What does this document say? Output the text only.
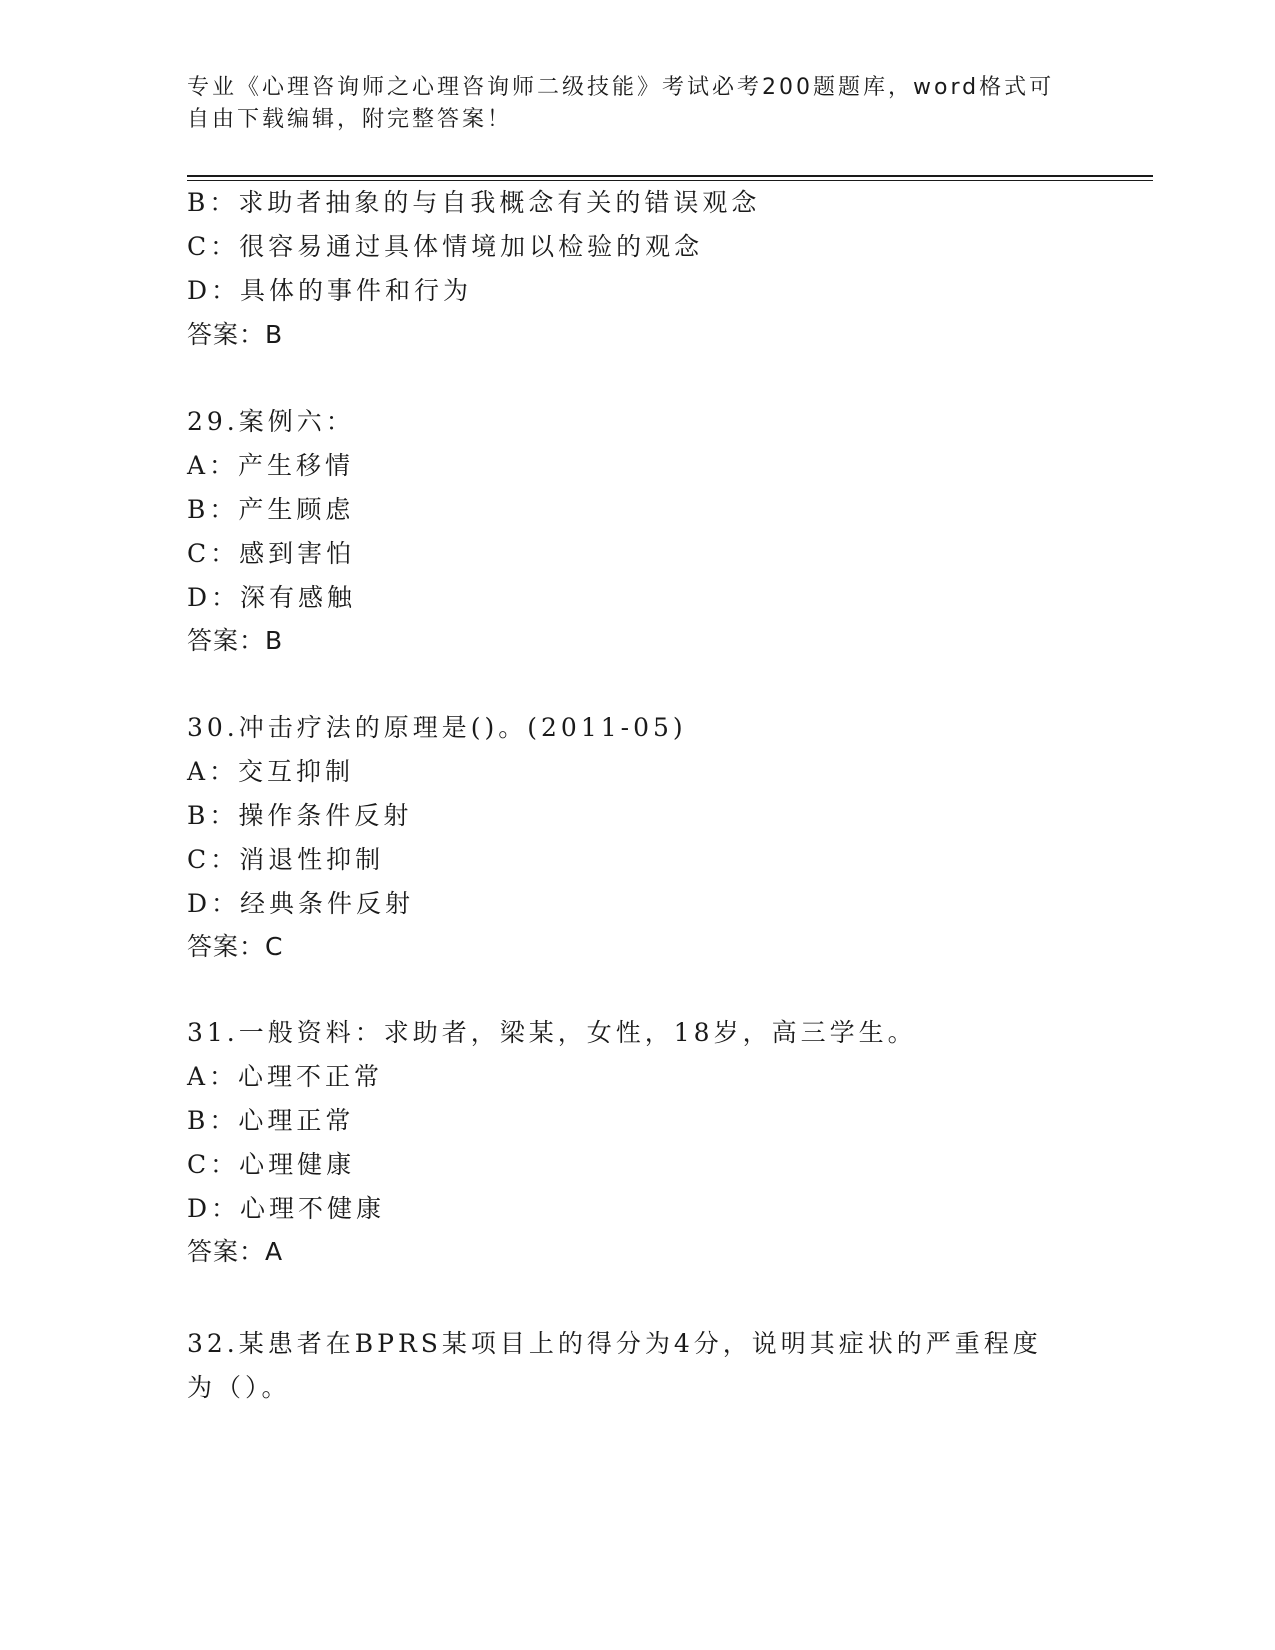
专业《心理咨询师之心理咨询师二级技能》考试必考200题题库，word格式可自由下载编辑，附完整答案！
B：求助者抽象的与自我概念有关的错误观念
C：很容易通过具体情境加以检验的观念
D：具体的事件和行为
答案：B
29.案例六：
A：产生移情
B：产生顾虑
C：感到害怕
D：深有感触
答案：B
30.冲击疗法的原理是()。(2011-05)
A：交互抑制
B：操作条件反射
C：消退性抑制
D：经典条件反射
答案：C
31.一般资料：求助者，梁某，女性，18岁，高三学生。
A：心理不正常
B：心理正常
C：心理健康
D：心理不健康
答案：A
32.某患者在BPRS某项目上的得分为4分，说明其症状的严重程度为（）。
